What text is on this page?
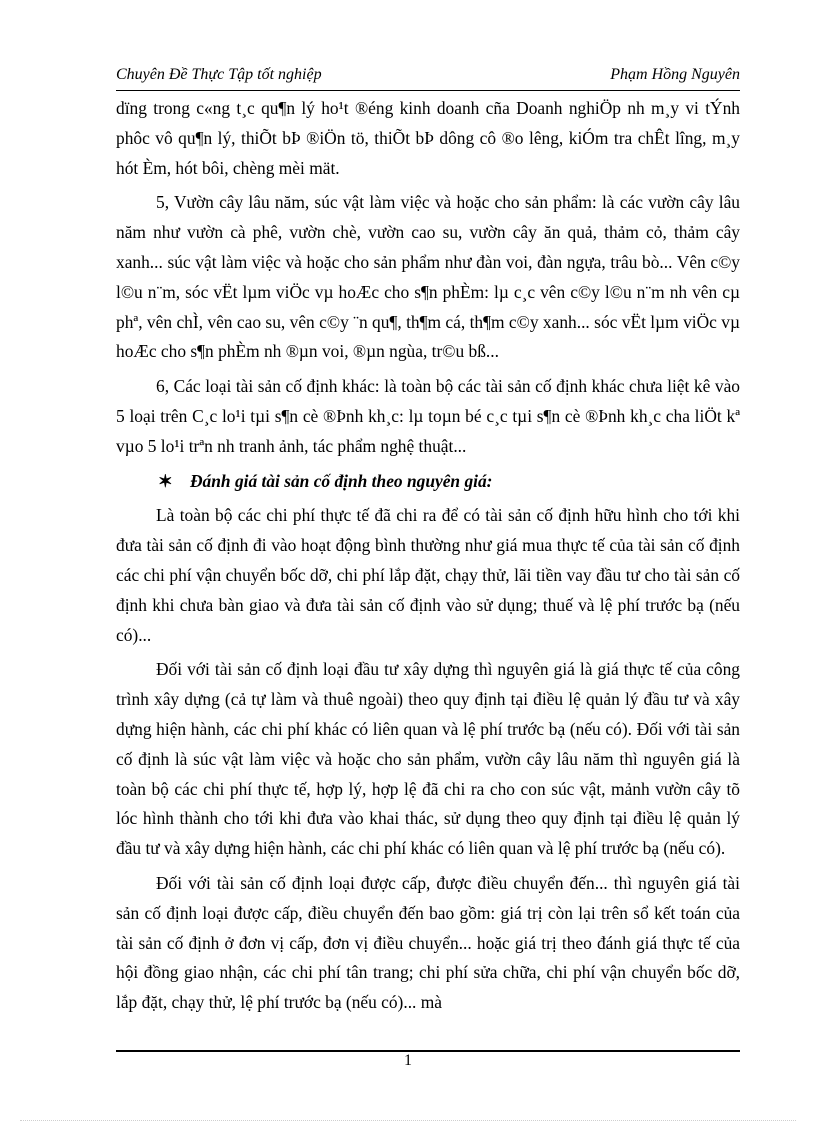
Chuyên Đề Thực Tập tốt nghiệp	Phạm Hồng Nguyên

dïng trong c«ng t¸c qu¶n lý ho¹t ®éng kinh doanh cña Doanh nghiÖp nh m¸y vi tÝnh phôc vô qu¶n lý, thiÕt bÞ ®iÖn tö, thiÕt bÞ dông cô ®o lêng, kiÓm tra chÊt lîng, m¸y hót Èm, hót bôi, chèng mèi mät.

5, Vườn cây lâu năm, súc vật làm việc và hoặc cho sản phẩm: là các vườn cây lâu năm như vườn cà phê, vườn chè, vườn cao su, vườn cây ăn quả, thảm cỏ, thảm cây xanh... súc vật làm việc và hoặc cho sản phẩm như đàn voi, đàn ngựa, trâu bò... Vên c©y l©u n¨m, sóc vËt lµm viÖc vµ hoÆc cho s¶n phÈm: lµ c¸c vên c©y l©u n¨m nh vên cµ phª, vên chÌ, vên cao su, vên c©y ¨n qu¶, th¶m cá, th¶m c©y xanh... sóc vËt lµm viÖc vµ hoÆc cho s¶n phÈm nh ®µn voi, ®µn ngùa, tr©u bß...

6, Các loại tài sản cố định khác: là toàn bộ các tài sản cố định khác chưa liệt kê vào 5 loại trên C¸c lo¹i tµi s¶n cè ®Þnh kh¸c: lµ toµn bé c¸c tµi s¶n cè ®Þnh kh¸c cha liÖt kª vµo 5 lo¹i trªn nh tranh ảnh, tác phẩm nghệ thuật...

✶ Đánh giá tài sản cố định theo nguyên giá:

Là toàn bộ các chi phí thực tế đã chi ra để có tài sản cố định hữu hình cho tới khi đưa tài sản cố định đi vào hoạt động bình thường như giá mua thực tế của tài sản cố định các chi phí vận chuyển bốc dỡ, chi phí lắp đặt, chạy thử, lãi tiền vay đầu tư cho tài sản cố định khi chưa bàn giao và đưa tài sản cố định vào sử dụng; thuế và lệ phí trước bạ (nếu có)...

Đối với tài sản cố định loại đầu tư xây dựng thì nguyên giá là giá thực tế của công trình xây dựng (cả tự làm và thuê ngoài) theo quy định tại điều lệ quản lý đầu tư và xây dựng hiện hành, các chi phí khác có liên quan và lệ phí trước bạ (nếu có). Đối với tài sản cố định là súc vật làm việc và hoặc cho sản phẩm, vườn cây lâu năm thì nguyên giá là toàn bộ các chi phí thực tế, hợp lý, hợp lệ đã chi ra cho con súc vật, mảnh vườn cây tõ lóc hình thành cho tới khi đưa vào khai thác, sử dụng theo quy định tại điều lệ quản lý đầu tư và xây dựng hiện hành, các chi phí khác có liên quan và lệ phí trước bạ (nếu có).

Đối với tài sản cố định loại được cấp, được điều chuyển đến... thì nguyên giá tài sản cố định loại được cấp, điều chuyển đến bao gồm: giá trị còn lại trên sổ kết toán của tài sản cố định ở đơn vị cấp, đơn vị điều chuyển... hoặc giá trị theo đánh giá thực tế của hội đồng giao nhận, các chi phí tân trang; chi phí sửa chữa, chi phí vận chuyển bốc dỡ, lắp đặt, chạy thử, lệ phí trước bạ (nếu có)... mà

1
